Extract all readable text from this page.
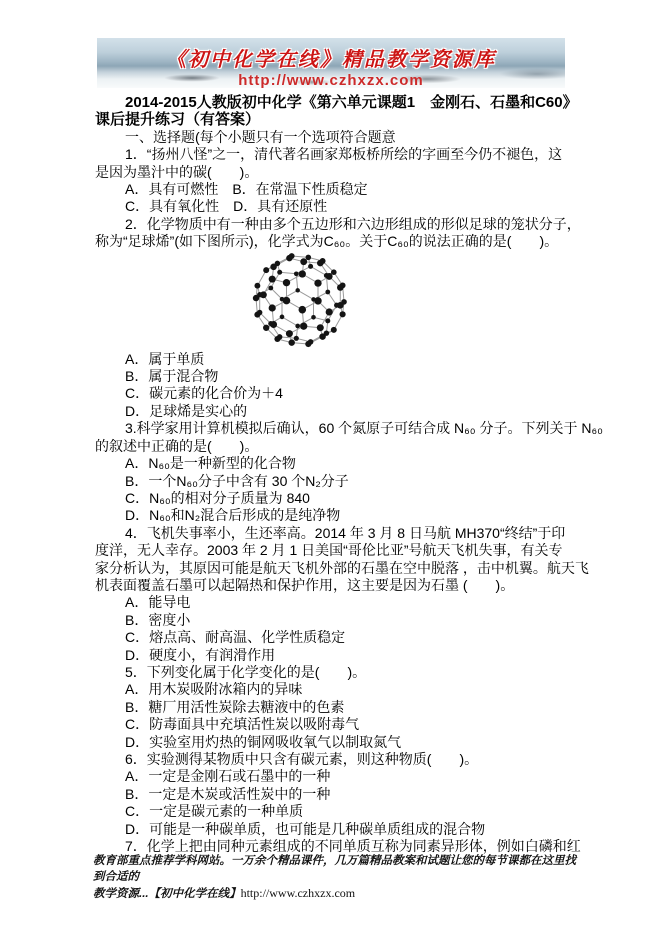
《初中化学在线》精品教学资源库
http://www.czhxzx.com
2014-2015人教版初中化学《第六单元课题1　金刚石、石墨和C60》
课后提升练习（有答案）
一、选择题(每个小题只有一个选项符合题意
1．“扬州八怪”之一，清代著名画家郑板桥所绘的字画至今仍不褪色，这
是因为墨汁中的碳(　　)。
A．具有可燃性　B．在常温下性质稳定
C．具有氧化性　D．具有还原性
2．化学物质中有一种由多个五边形和六边形组成的形似足球的笼状分子，
称为“足球烯”(如下图所示)，化学式为C₆₀。关于C₆₀的说法正确的是(　　)。
A．属于单质
B．属于混合物
C．碳元素的化合价为＋4
D．足球烯是实心的
3.科学家用计算机模拟后确认，60 个氮原子可结合成 N₆₀ 分子。下列关于 N₆₀
的叙述中正确的是(　　)。
A．N₆₀是一种新型的化合物
B．一个N₆₀分子中含有 30 个N₂分子
C．N₆₀的相对分子质量为 840
D．N₆₀和N₂混合后形成的是纯净物
4．飞机失事率小，生还率高。2014 年 3 月 8 日马航 MH370“终结”于印
度洋，无人幸存。2003 年 2 月 1 日美国“哥伦比亚”号航天飞机失事，有关专
家分析认为，其原因可能是航天飞机外部的石墨在空中脱落 ，击中机翼。航天飞
机表面覆盖石墨可以起隔热和保护作用，这主要是因为石墨 (　　)。
A．能导电
B．密度小
C．熔点高、耐高温、化学性质稳定
D．硬度小，有润滑作用
5．下列变化属于化学变化的是(　　)。
A．用木炭吸附冰箱内的异味
B．糖厂用活性炭除去糖液中的色素
C．防毒面具中充填活性炭以吸附毒气
D．实验室用灼热的铜网吸收氧气以制取氮气
6．实验测得某物质中只含有碳元素，则这种物质(　　)。
A．一定是金刚石或石墨中的一种
B．一定是木炭或活性炭中的一种
C．一定是碳元素的一种单质
D．可能是一种碳单质，也可能是几种碳单质组成的混合物
7．化学上把由同种元素组成的不同单质互称为同素异形体，例如白磷和红
教育部重点推荐学科网站。一万余个精品课件，几万篇精品教案和试题让您的每节课都在这里找到合适的
教学资源...【初中化学在线】http://www.czhxzx.com
